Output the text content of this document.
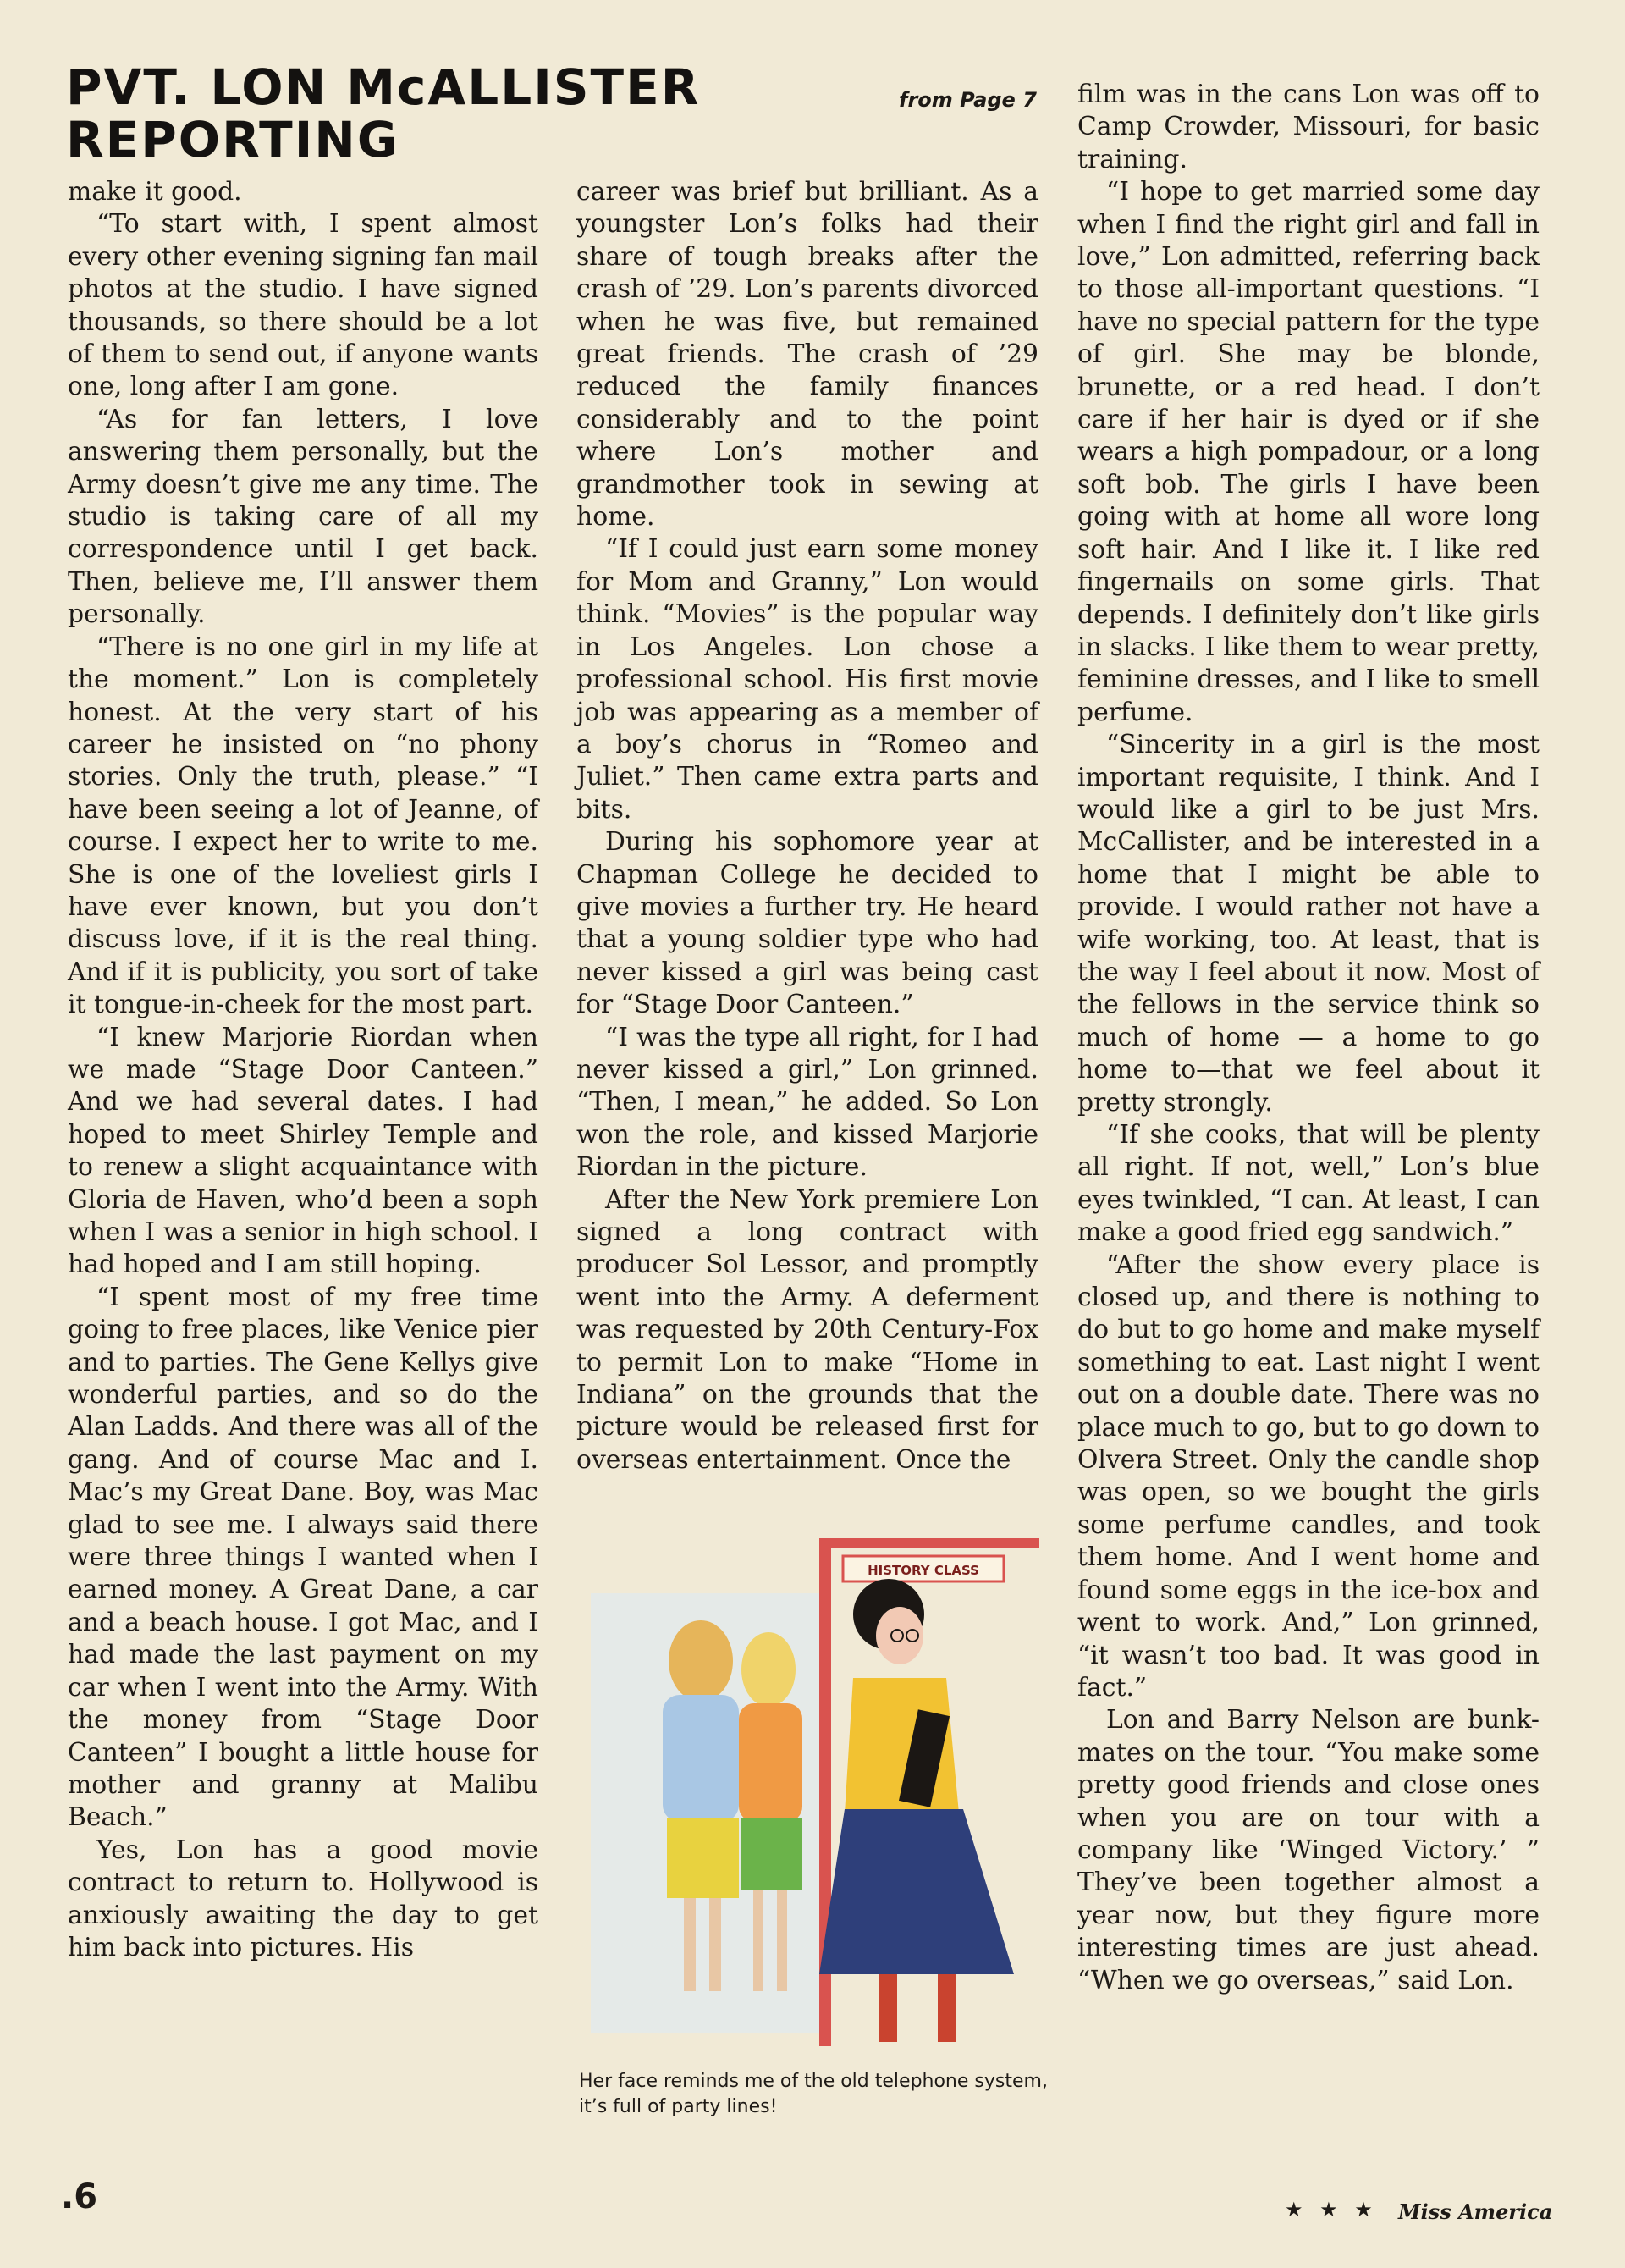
PVT. LON McALLISTER
REPORTING
from Page 7

make it good.

“To start with, I spent almost every other evening signing fan mail photos at the studio. I have signed thousands, so there should be a lot of them to send out, if anyone wants one, long after I am gone.

“As for fan letters, I love answering them personally, but the Army doesn’t give me any time. The studio is taking care of all my correspondence until I get back. Then, believe me, I’ll answer them personally.

“There is no one girl in my life at the moment.” Lon is completely honest. At the very start of his career he insisted on “no phony stories. Only the truth, please.” “I have been seeing a lot of Jeanne, of course. I expect her to write to me. She is one of the loveliest girls I have ever known, but you don’t discuss love, if it is the real thing. And if it is publicity, you sort of take it tongue-in-cheek for the most part.

“I knew Marjorie Riordan when we made “Stage Door Canteen.” And we had several dates. I had hoped to meet Shirley Temple and to renew a slight acquaintance with Gloria de Haven, who’d been a soph when I was a senior in high school. I had hoped and I am still hoping.

“I spent most of my free time going to free places, like Venice pier and to parties. The Gene Kellys give wonderful parties, and so do the Alan Ladds. And there was all of the gang. And of course Mac and I. Mac’s my Great Dane. Boy, was Mac glad to see me. I always said there were three things I wanted when I earned money. A Great Dane, a car and a beach house. I got Mac, and I had made the last payment on my car when I went into the Army. With the money from “Stage Door Canteen” I bought a little house for mother and granny at Malibu Beach.”

Yes, Lon has a good movie contract to return to. Hollywood is anxiously awaiting the day to get him back into pictures. His

career was brief but brilliant. As a youngster Lon’s folks had their share of tough breaks after the crash of ’29. Lon’s parents divorced when he was five, but remained great friends. The crash of ’29 reduced the family finances considerably and to the point where Lon’s mother and grandmother took in sewing at home.

“If I could just earn some money for Mom and Granny,” Lon would think. “Movies” is the popular way in Los Angeles. Lon chose a professional school. His first movie job was appearing as a member of a boy’s chorus in “Romeo and Juliet.” Then came extra parts and bits.

During his sophomore year at Chapman College he decided to give movies a further try. He heard that a young soldier type who had never kissed a girl was being cast for “Stage Door Canteen.”

“I was the type all right, for I had never kissed a girl,” Lon grinned. “Then, I mean,” he added. So Lon won the role, and kissed Marjorie Riordan in the picture.

After the New York premiere Lon signed a long contract with producer Sol Lessor, and promptly went into the Army. A deferment was requested by 20th Century-Fox to permit Lon to make “Home in Indiana” on the grounds that the picture would be released first for overseas entertainment. Once the

film was in the cans Lon was off to Camp Crowder, Missouri, for basic training.

“I hope to get married some day when I find the right girl and fall in love,” Lon admitted, referring back to those all-important questions. “I have no special pattern for the type of girl. She may be blonde, brunette, or a red head. I don’t care if her hair is dyed or if she wears a high pompadour, or a long soft bob. The girls I have been going with at home all wore long soft hair. And I like it. I like red fingernails on some girls. That depends. I definitely don’t like girls in slacks. I like them to wear pretty, feminine dresses, and I like to smell perfume.

“Sincerity in a girl is the most important requisite, I think. And I would like a girl to be just Mrs. McCallister, and be interested in a home that I might be able to provide. I would rather not have a wife working, too. At least, that is the way I feel about it now. Most of the fellows in the service think so much of home — a home to go home to—that we feel about it pretty strongly.

“If she cooks, that will be plenty all right. If not, well,” Lon’s blue eyes twinkled, “I can. At least, I can make a good fried egg sandwich.”

“After the show every place is closed up, and there is nothing to do but to go home and make myself something to eat. Last night I went out on a double date. There was no place much to go, but to go down to Olvera Street. Only the candle shop was open, so we bought the girls some perfume candles, and took them home. And I went home and found some eggs in the ice-box and went to work. And,” Lon grinned, “it wasn’t too bad. It was good in fact.”

Lon and Barry Nelson are bunk-mates on the tour. “You make some pretty good friends and close ones when you are on tour with a company like ‘Winged Victory.’ ” They’ve been together almost a year now, but they figure more interesting times are just ahead. “When we go overseas,” said Lon.

HISTORY CLASS
Her face reminds me of the old telephone system, it’s full of party lines!
.6	★ ★ ★ Miss America
